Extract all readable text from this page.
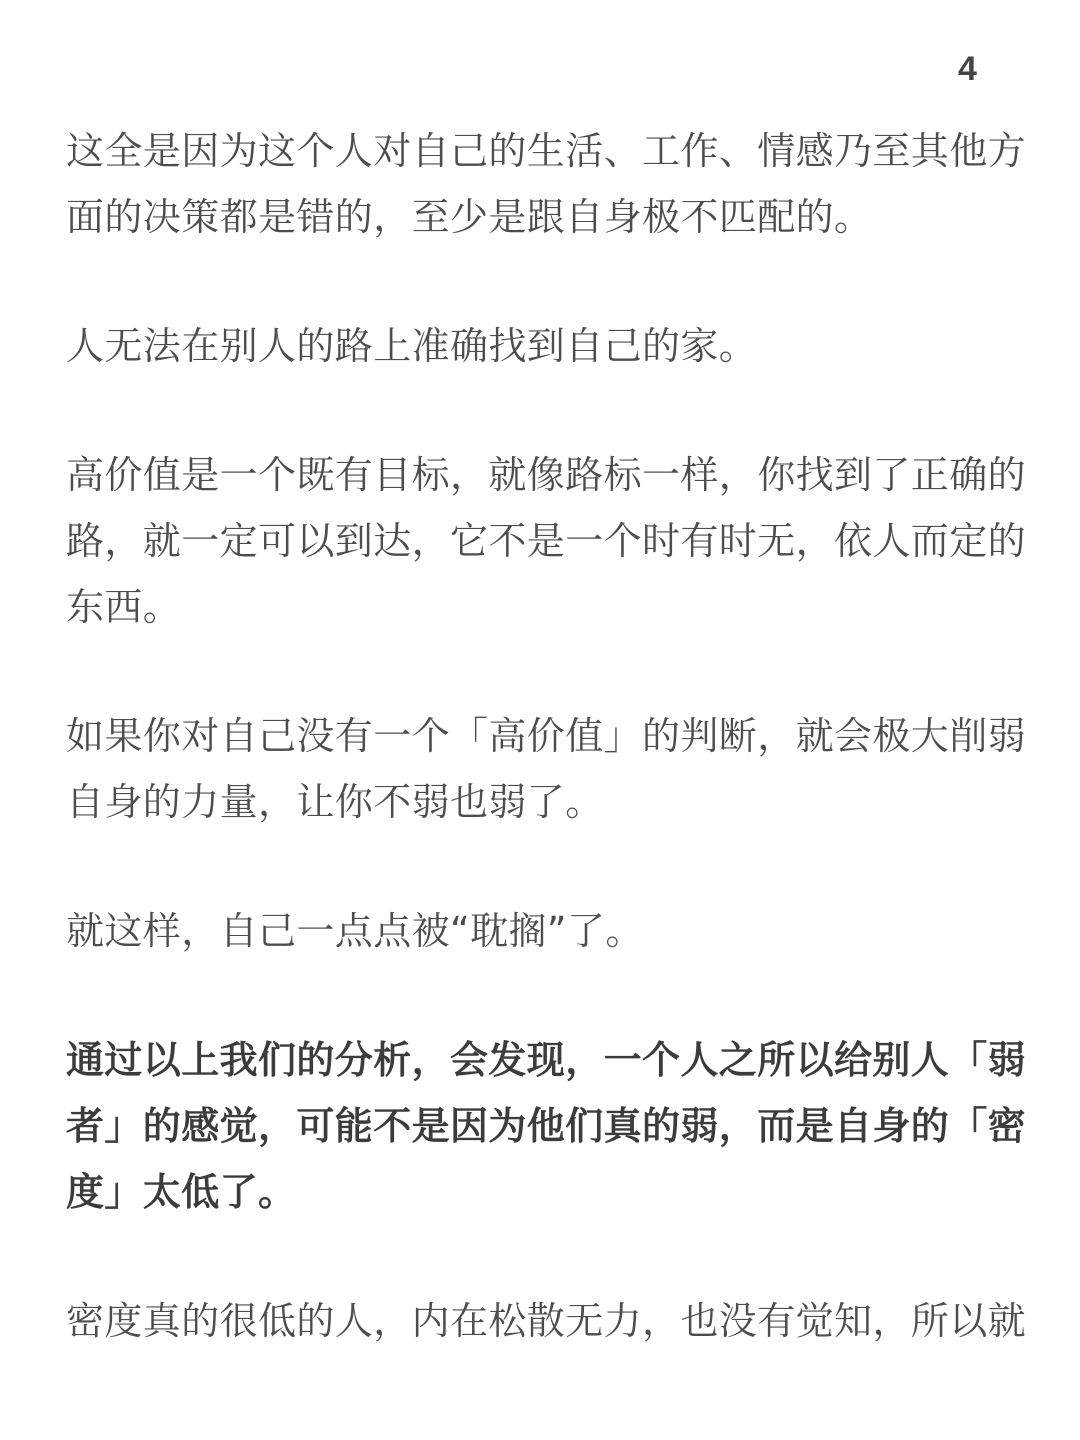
4

这全是因为这个人对自己的生活、工作、情感乃至其他方
面的决策都是错的，至少是跟自身极不匹配的。

人无法在别人的路上准确找到自己的家。

高价值是一个既有目标，就像路标一样，你找到了正确的
路，就一定可以到达，它不是一个时有时无，依人而定的
东西。

如果你对自己没有一个「高价值」的判断，就会极大削弱
自身的力量，让你不弱也弱了。

就这样，自己一点点被“耽搁”了。

通过以上我们的分析，会发现，一个人之所以给别人「弱
者」的感觉，可能不是因为他们真的弱，而是自身的「密
度」太低了。

密度真的很低的人，内在松散无力，也没有觉知，所以就
